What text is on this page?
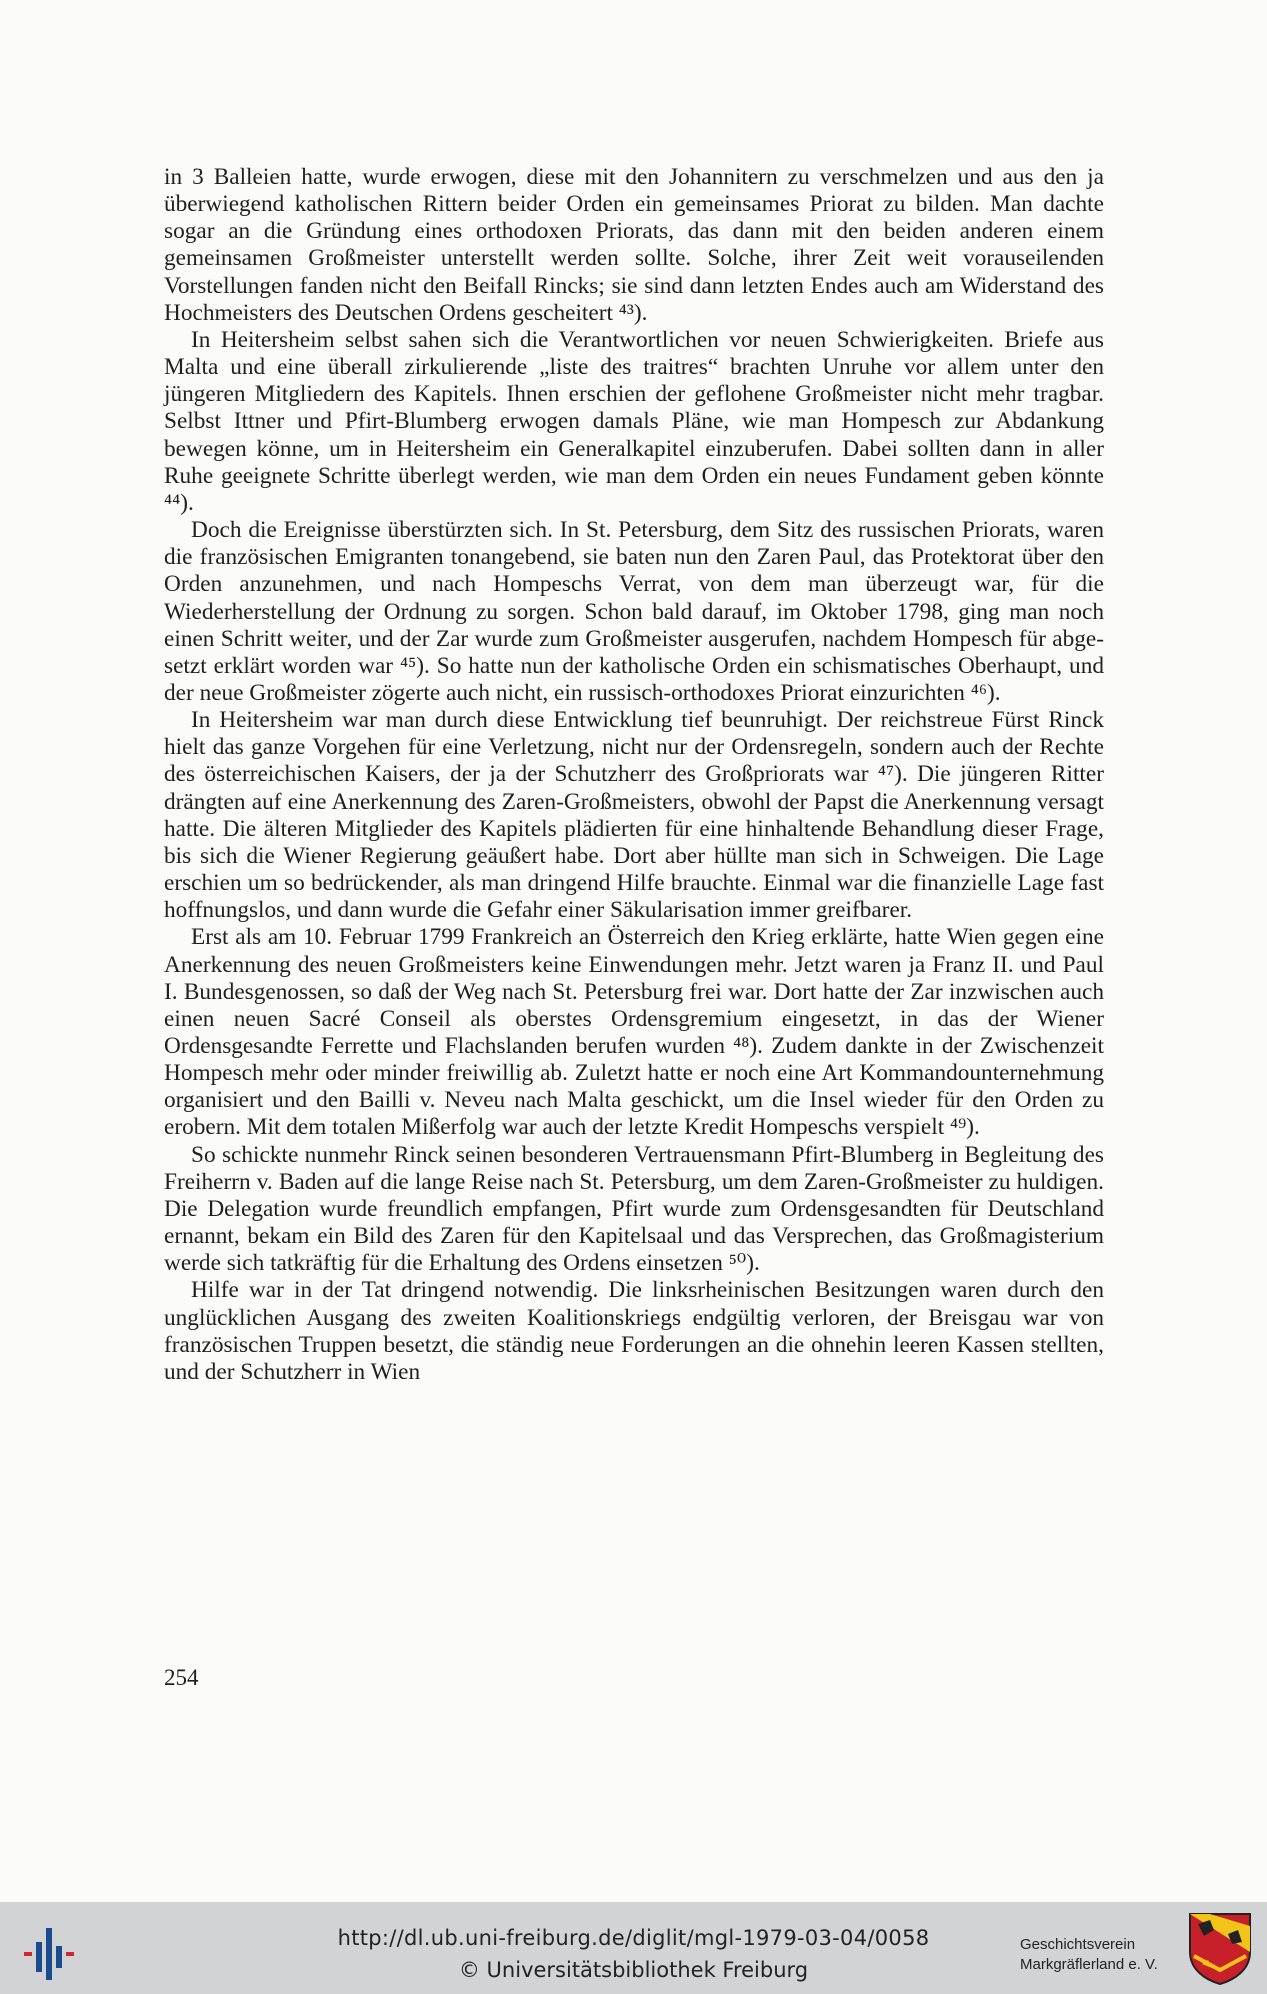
in 3 Balleien hatte, wurde erwogen, diese mit den Johannitern zu verschmelzen und aus den ja überwiegend katholischen Rittern beider Orden ein gemeinsames Priorat zu bilden. Man dachte sogar an die Gründung eines orthodoxen Priorats, das dann mit den beiden anderen einem gemeinsamen Großmeister unterstellt werden sollte. Solche, ihrer Zeit weit vorauseilenden Vorstellungen fanden nicht den Beifall Rincks; sie sind dann letzten Endes auch am Widerstand des Hochmeisters des Deutschen Ordens gescheitert ⁴³).

In Heitersheim selbst sahen sich die Verantwortlichen vor neuen Schwierigkeiten. Briefe aus Malta und eine überall zirkulierende „liste des traitres“ brachten Unruhe vor allem unter den jüngeren Mitgliedern des Kapitels. Ihnen erschien der geflohene Großmeister nicht mehr tragbar. Selbst Ittner und Pfirt-Blumberg erwogen damals Pläne, wie man Hompesch zur Abdankung bewegen könne, um in Heitersheim ein Generalkapitel einzuberufen. Dabei sollten dann in aller Ruhe geeignete Schritte überlegt werden, wie man dem Orden ein neues Fundament geben könnte ⁴⁴).

Doch die Ereignisse überstürzten sich. In St. Petersburg, dem Sitz des russischen Priorats, waren die französischen Emigranten tonangebend, sie baten nun den Zaren Paul, das Protektorat über den Orden anzunehmen, und nach Hompeschs Verrat, von dem man überzeugt war, für die Wiederherstellung der Ordnung zu sorgen. Schon bald darauf, im Oktober 1798, ging man noch einen Schritt weiter, und der Zar wurde zum Großmeister ausgerufen, nachdem Hompesch für abgesetzt erklärt worden war ⁴⁵). So hatte nun der katholische Orden ein schismatisches Oberhaupt, und der neue Großmeister zögerte auch nicht, ein russisch-orthodoxes Priorat einzurichten ⁴⁶).

In Heitersheim war man durch diese Entwicklung tief beunruhigt. Der reichstreue Fürst Rinck hielt das ganze Vorgehen für eine Verletzung, nicht nur der Ordensregeln, sondern auch der Rechte des österreichischen Kaisers, der ja der Schutzherr des Großpriorats war ⁴⁷). Die jüngeren Ritter drängten auf eine Anerkennung des Zaren-Großmeisters, obwohl der Papst die Anerkennung versagt hatte. Die älteren Mitglieder des Kapitels plädierten für eine hinhaltende Behandlung dieser Frage, bis sich die Wiener Regierung geäußert habe. Dort aber hüllte man sich in Schweigen. Die Lage erschien um so bedrückender, als man dringend Hilfe brauchte. Einmal war die finanzielle Lage fast hoffnungslos, und dann wurde die Gefahr einer Säkularisation immer greifbarer.

Erst als am 10. Februar 1799 Frankreich an Österreich den Krieg erklärte, hatte Wien gegen eine Anerkennung des neuen Großmeisters keine Einwendungen mehr. Jetzt waren ja Franz II. und Paul I. Bundesgenossen, so daß der Weg nach St. Petersburg frei war. Dort hatte der Zar inzwischen auch einen neuen Sacré Conseil als oberstes Ordensgremium eingesetzt, in das der Wiener Ordensgesandte Ferrette und Flachslanden berufen wurden ⁴⁸). Zudem dankte in der Zwischenzeit Hompesch mehr oder minder freiwillig ab. Zuletzt hatte er noch eine Art Kommandounternehmung organisiert und den Bailli v. Neveu nach Malta geschickt, um die Insel wieder für den Orden zu erobern. Mit dem totalen Mißerfolg war auch der letzte Kredit Hompeschs verspielt ⁴⁹).

So schickte nunmehr Rinck seinen besonderen Vertrauensmann Pfirt-Blumberg in Begleitung des Freiherrn v. Baden auf die lange Reise nach St. Petersburg, um dem Zaren-Großmeister zu huldigen. Die Delegation wurde freundlich empfangen, Pfirt wurde zum Ordensgesandten für Deutschland ernannt, bekam ein Bild des Zaren für den Kapitelsaal und das Versprechen, das Großmagisterium werde sich tatkräftig für die Erhaltung des Ordens einsetzen ⁵⁰).

Hilfe war in der Tat dringend notwendig. Die linksrheinischen Besitzungen waren durch den unglücklichen Ausgang des zweiten Koalitionskriegs endgültig verloren, der Breisgau war von französischen Truppen besetzt, die ständig neue Forderungen an die ohnehin leeren Kassen stellten, und der Schutzherr in Wien

254
http://dl.ub.uni-freiburg.de/diglit/mgl-1979-03-04/0058
© Universitätsbibliothek Freiburg
Geschichtsverein
Markgräflerland e. V.
